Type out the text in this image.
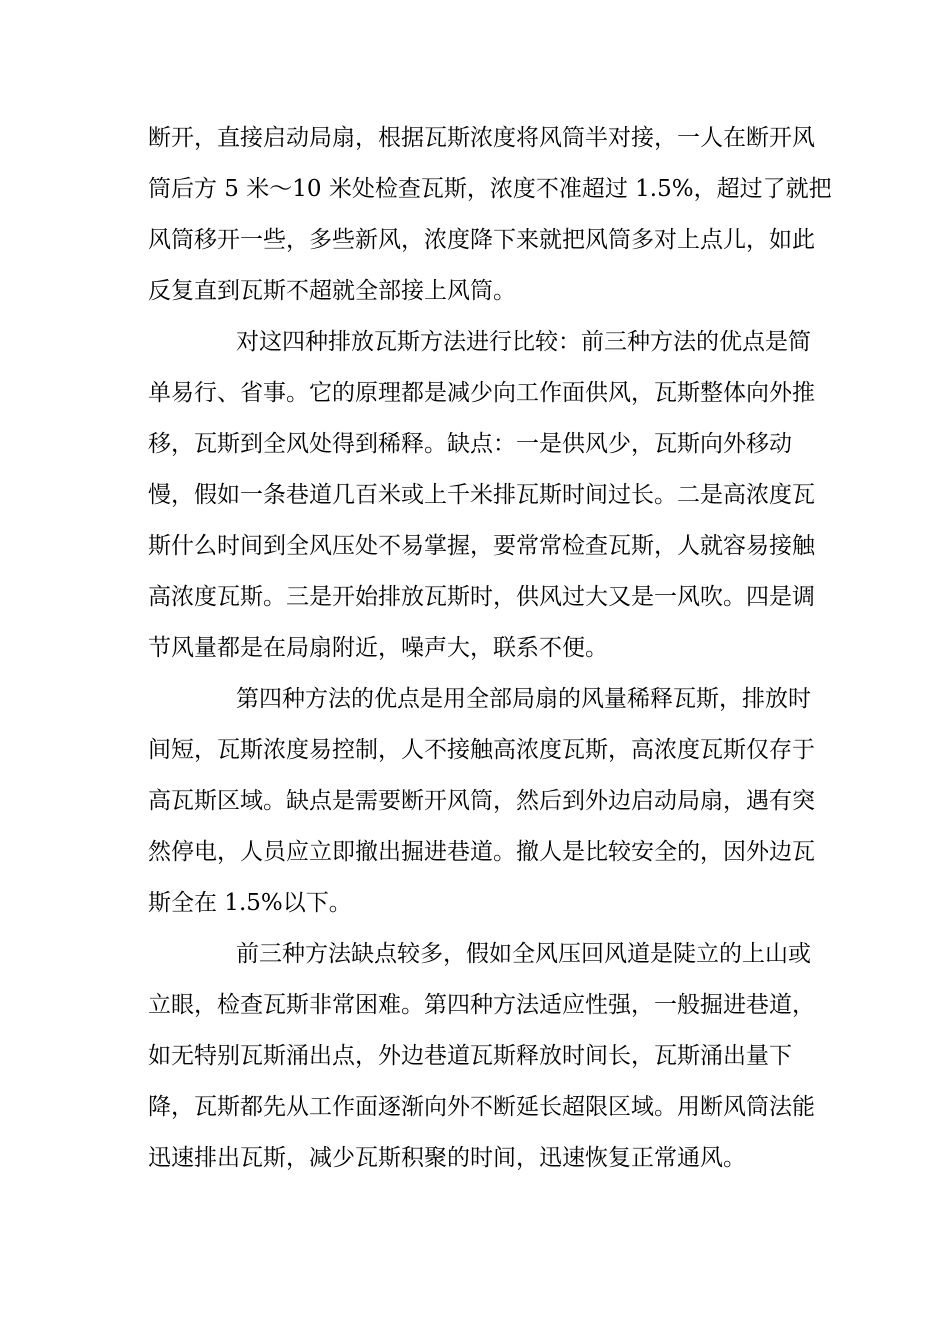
断开，直接启动局扇，根据瓦斯浓度将风筒半对接，一人在断开风
筒后方 5 米～10 米处检查瓦斯，浓度不准超过 1.5%，超过了就把
风筒移开一些，多些新风，浓度降下来就把风筒多对上点儿，如此
反复直到瓦斯不超就全部接上风筒。
对这四种排放瓦斯方法进行比较：前三种方法的优点是简
单易行、省事。它的原理都是减少向工作面供风，瓦斯整体向外推
移，瓦斯到全风处得到稀释。缺点：一是供风少，瓦斯向外移动
慢，假如一条巷道几百米或上千米排瓦斯时间过长。二是高浓度瓦
斯什么时间到全风压处不易掌握，要常常检查瓦斯，人就容易接触
高浓度瓦斯。三是开始排放瓦斯时，供风过大又是一风吹。四是调
节风量都是在局扇附近，噪声大，联系不便。
第四种方法的优点是用全部局扇的风量稀释瓦斯，排放时
间短，瓦斯浓度易控制，人不接触高浓度瓦斯，高浓度瓦斯仅存于
高瓦斯区域。缺点是需要断开风筒，然后到外边启动局扇，遇有突
然停电，人员应立即撤出掘进巷道。撤人是比较安全的，因外边瓦
斯全在 1.5%以下。
前三种方法缺点较多，假如全风压回风道是陡立的上山或
立眼，检查瓦斯非常困难。第四种方法适应性强，一般掘进巷道，
如无特别瓦斯涌出点，外边巷道瓦斯释放时间长，瓦斯涌出量下
降，瓦斯都先从工作面逐渐向外不断延长超限区域。用断风筒法能
迅速排出瓦斯，减少瓦斯积聚的时间，迅速恢复正常通风。
